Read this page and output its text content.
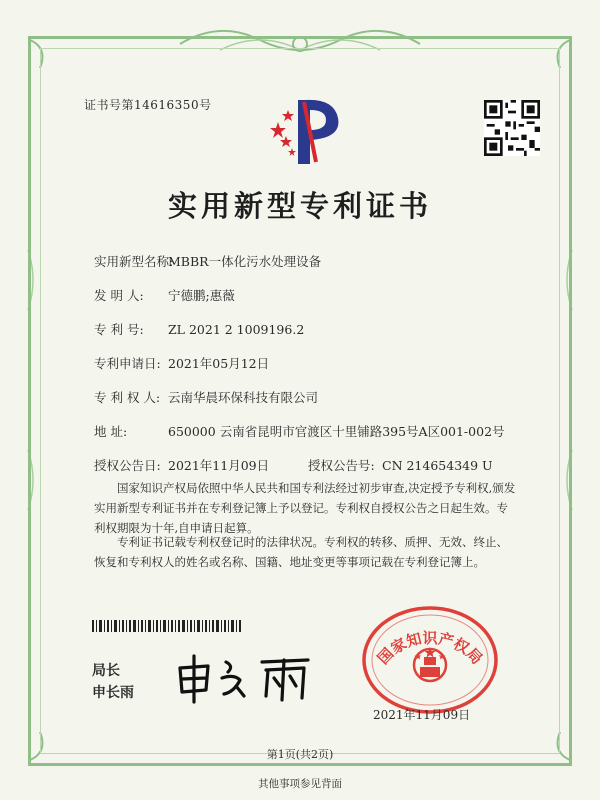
证书号第14616350号
实用新型专利证书
实用新型名称:MBBR一体化污水处理设备
发 明 人: 宁德鹏;惠薇
专 利 号: ZL 2021 2 1009196.2
专利申请日: 2021年05月12日
专 利 权 人: 云南华晨环保科技有限公司
地 址:	650000 云南省昆明市官渡区十里铺路395号A区001-002号
授权公告日: 2021年11月09日	授权公告号: CN 214654349 U
国家知识产权局依照中华人民共和国专利法经过初步审查,决定授予专利权,颁发实用新型专利证书并在专利登记簿上予以登记。专利权自授权公告之日起生效。专利权期限为十年,自申请日起算。
专利证书记载专利权登记时的法律状况。专利权的转移、质押、无效、终止、恢复和专利权人的姓名或名称、国籍、地址变更等事项记载在专利登记簿上。
局长
申长雨
国家知识产权局
2021年11月09日
第1页(共2页)
其他事项参见背面
